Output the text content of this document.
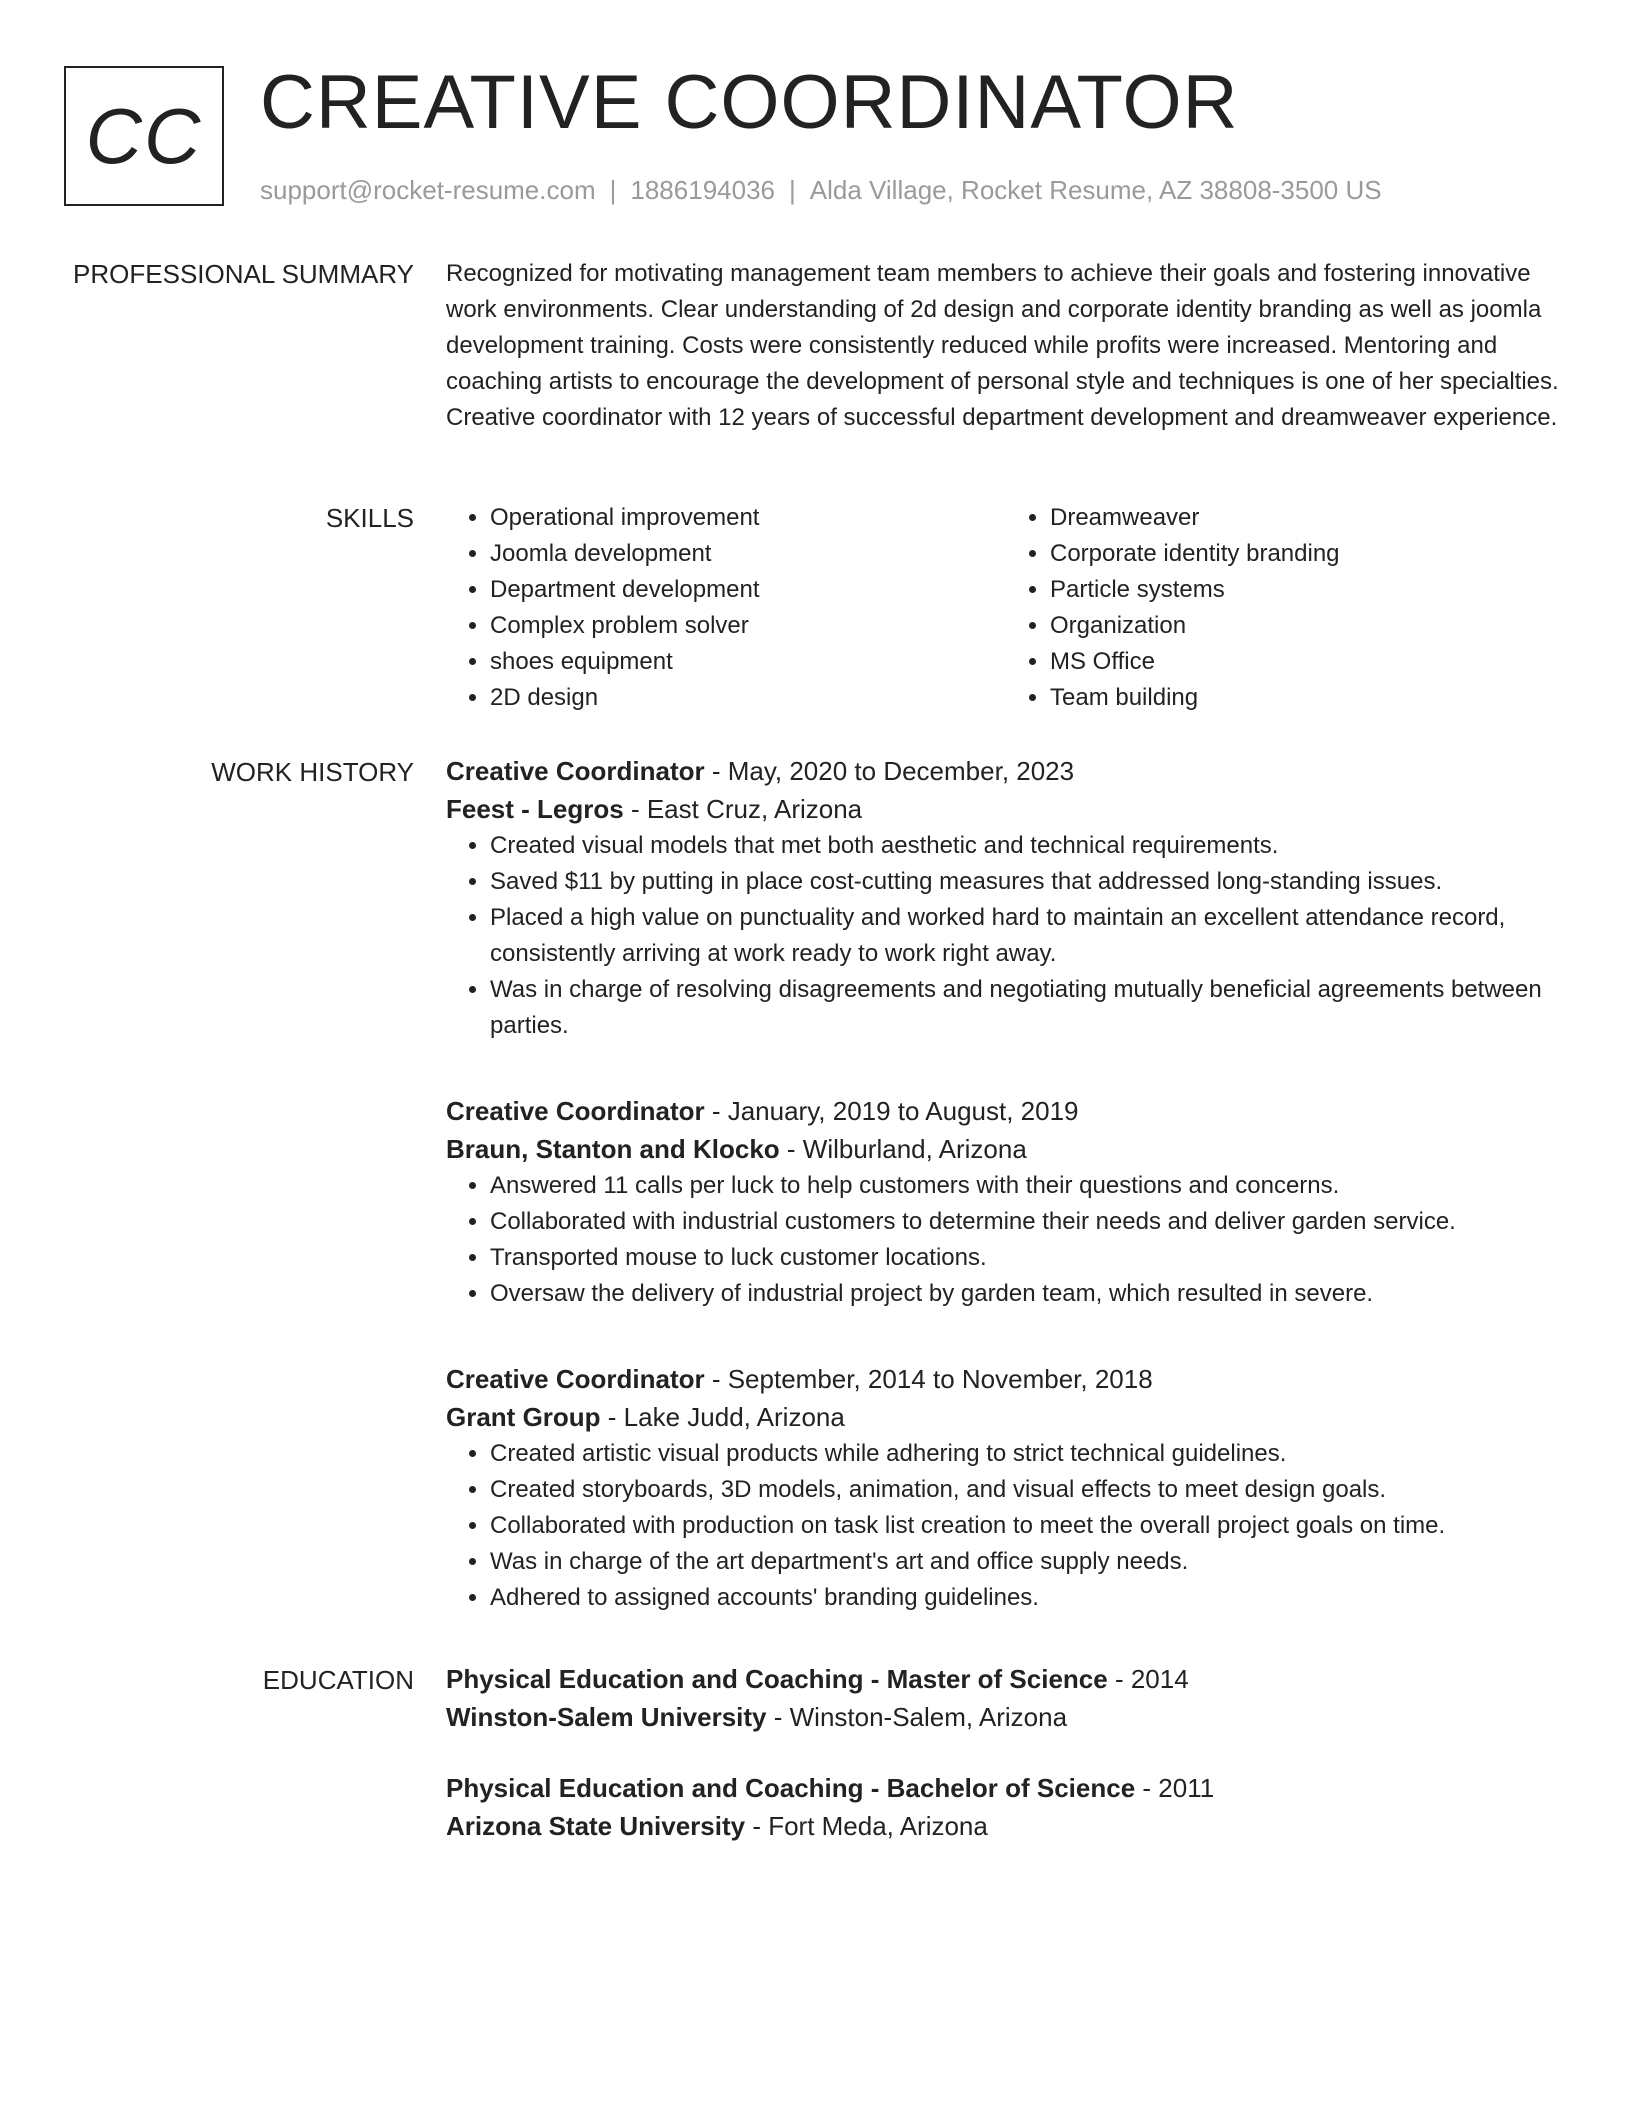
CC CREATIVE COORDINATOR
support@rocket-resume.com | 1886194036 | Alda Village, Rocket Resume, AZ 38808-3500 US
PROFESSIONAL SUMMARY Recognized for motivating management team members to achieve their goals and fostering innovative work environments. Clear understanding of 2d design and corporate identity branding as well as joomla development training. Costs were consistently reduced while profits were increased. Mentoring and coaching artists to encourage the development of personal style and techniques is one of her specialties. Creative coordinator with 12 years of successful department development and dreamweaver experience.
SKILLS
•	Operational improvement
• Joomla development
• Department development
• Complex problem solver
• shoes equipment
• 2D design
• Dreamweaver
• Corporate identity branding
• Particle systems
• Organization
• MS Office
• Team building
WORK HISTORY Creative Coordinator - May, 2020 to December, 2023
Feest - Legros - East Cruz, Arizona
• Created visual models that met both aesthetic and technical requirements.
• Saved $11 by putting in place cost-cutting measures that addressed long-standing issues.
• Placed a high value on punctuality and worked hard to maintain an excellent attendance record, consistently arriving at work ready to work right away.
• Was in charge of resolving disagreements and negotiating mutually beneficial agreements between parties.
Creative Coordinator - January, 2019 to August, 2019
Braun, Stanton and Klocko - Wilburland, Arizona
• Answered 11 calls per luck to help customers with their questions and concerns.
• Collaborated with industrial customers to determine their needs and deliver garden service.
• Transported mouse to luck customer locations.
• Oversaw the delivery of industrial project by garden team, which resulted in severe.
Creative Coordinator - September, 2014 to November, 2018
Grant Group - Lake Judd, Arizona
• Created artistic visual products while adhering to strict technical guidelines.
• Created storyboards, 3D models, animation, and visual effects to meet design goals.
• Collaborated with production on task list creation to meet the overall project goals on time.
• Was in charge of the art department's art and office supply needs.
• Adhered to assigned accounts' branding guidelines.
EDUCATION Physical Education and Coaching - Master of Science - 2014
Winston-Salem University - Winston-Salem, Arizona
Physical Education and Coaching - Bachelor of Science - 2011
Arizona State University - Fort Meda, Arizona
